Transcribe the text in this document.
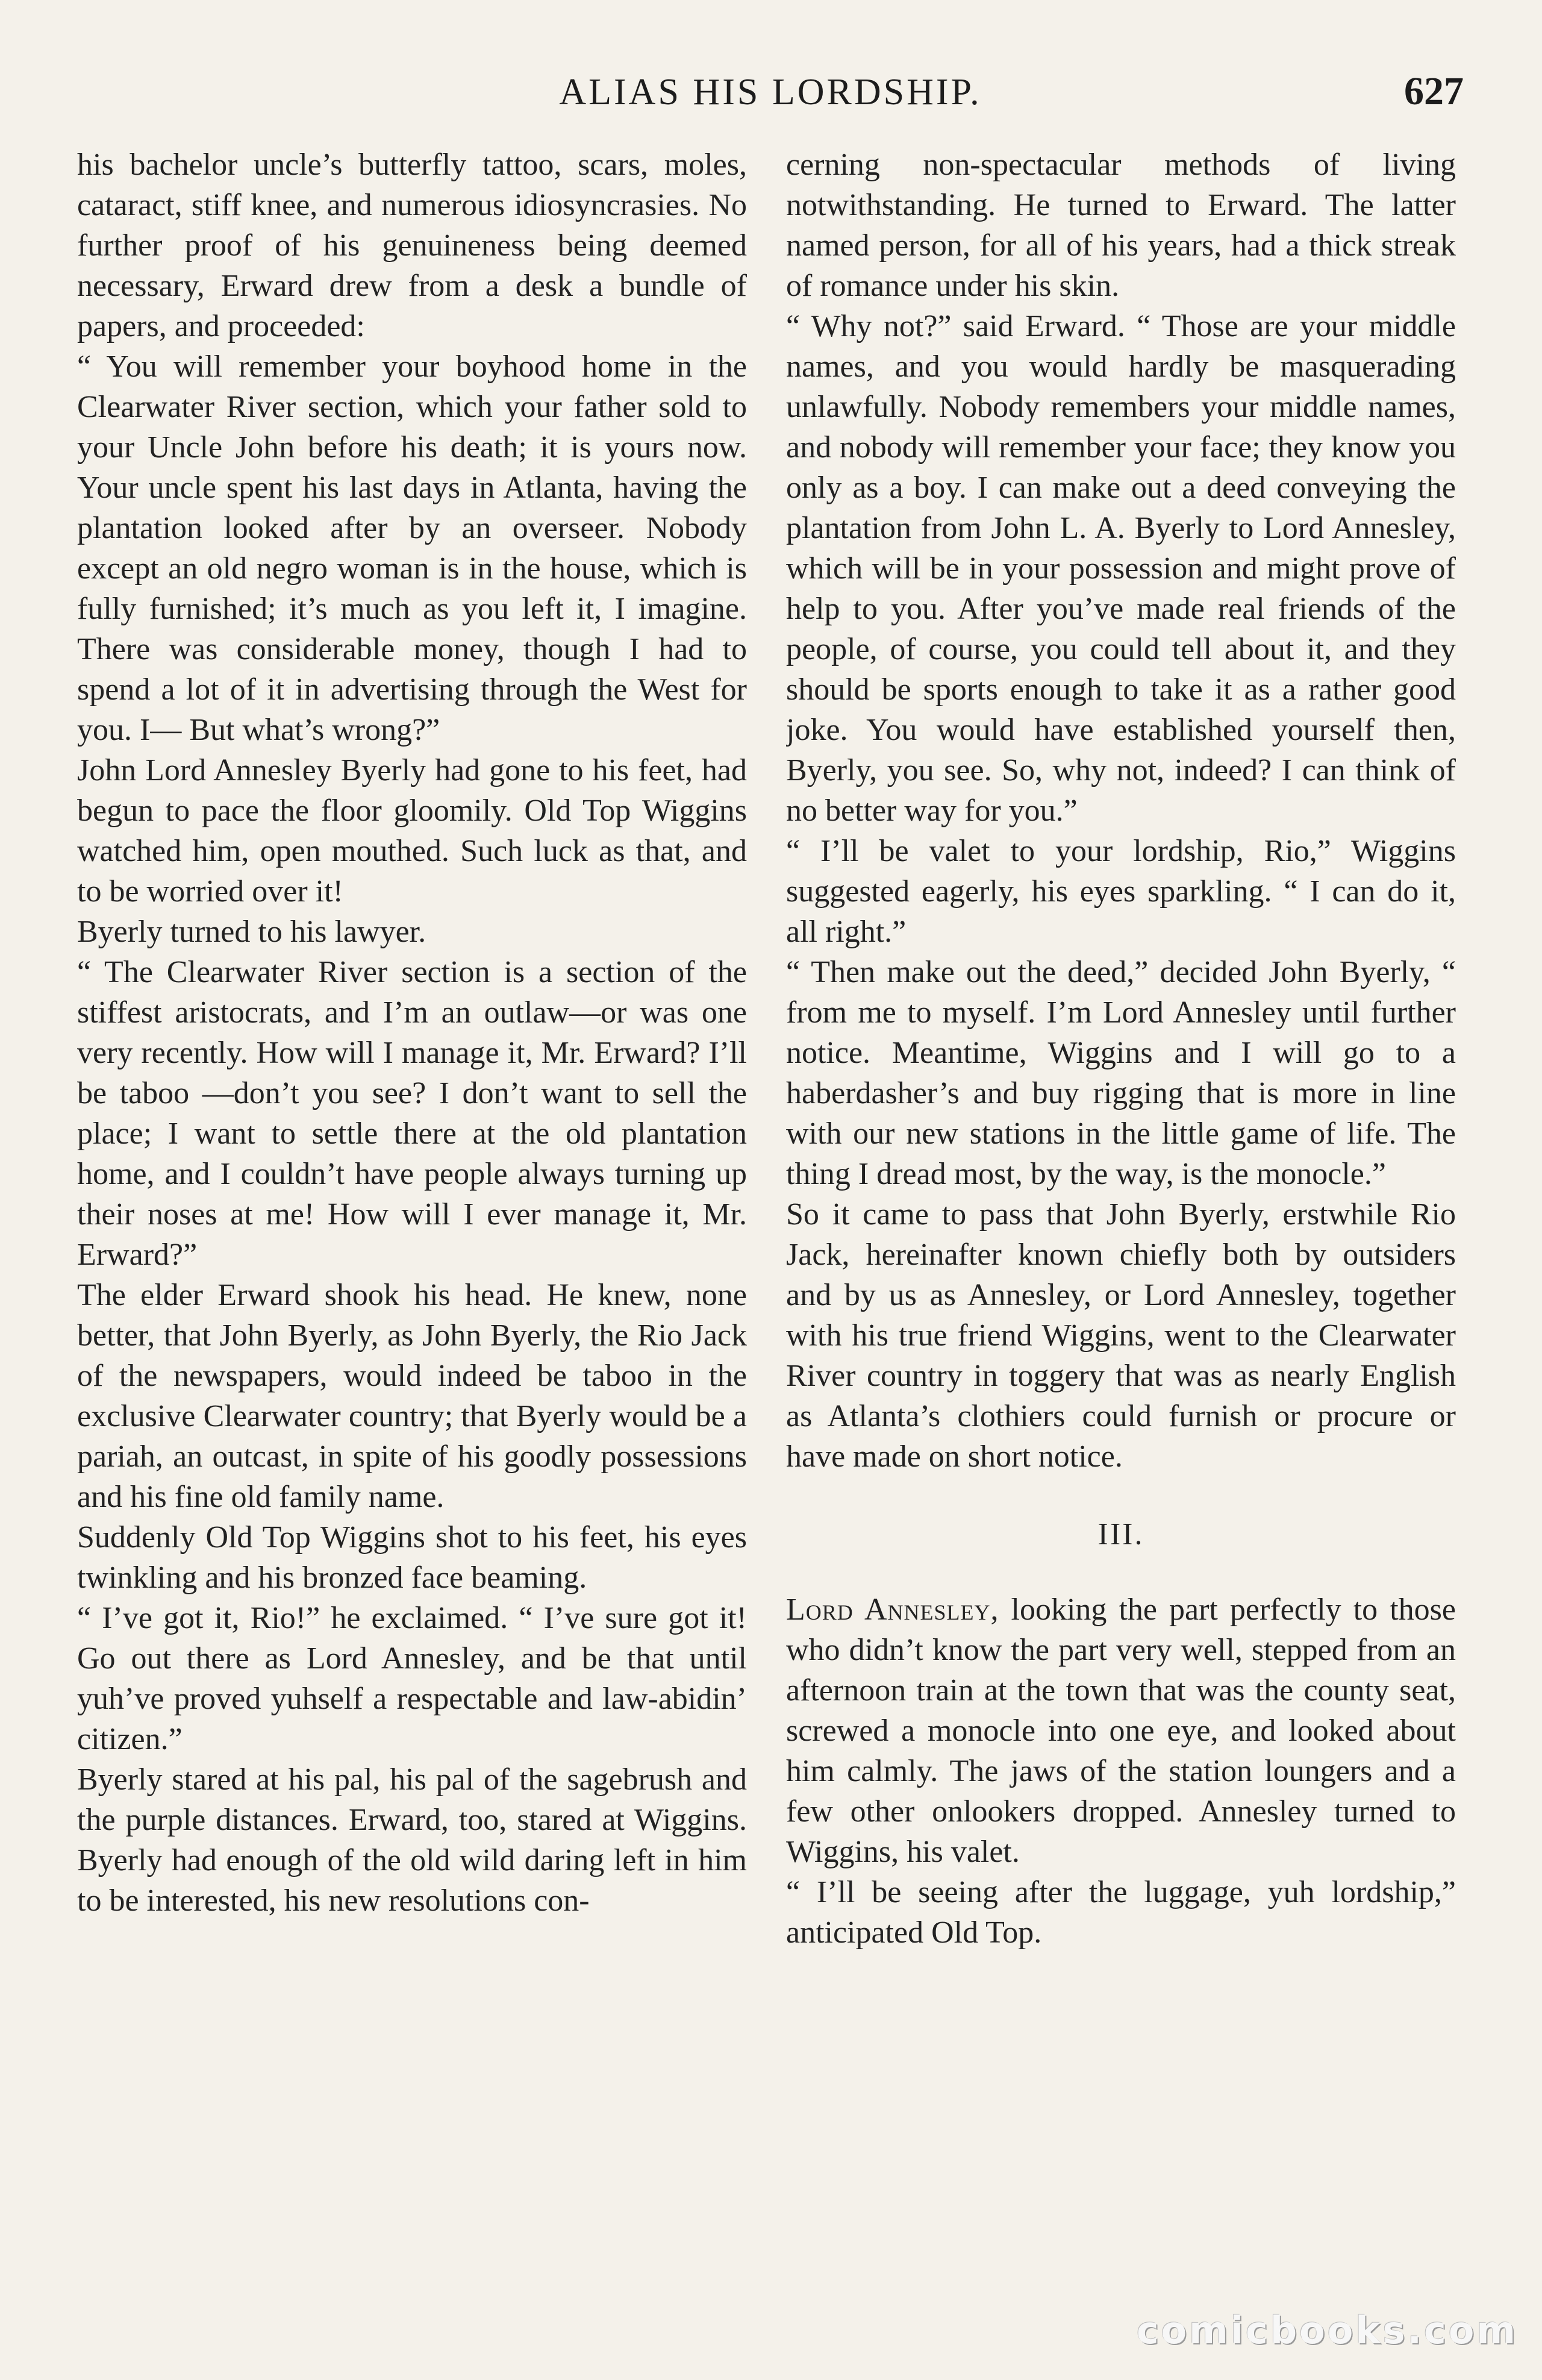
ALIAS HIS LORDSHIP.	627

his bachelor uncle’s butterfly tattoo, scars, moles, cataract, stiff knee, and numerous idiosyncrasies. No further proof of his genuineness being deemed necessary, Erward drew from a desk a bundle of papers, and proceeded:

“ You will remember your boyhood home in the Clearwater River section, which your father sold to your Uncle John before his death; it is yours now. Your uncle spent his last days in Atlanta, having the plantation looked after by an overseer. Nobody except an old negro woman is in the house, which is fully furnished; it’s much as you left it, I imagine. There was considerable money, though I had to spend a lot of it in advertising through the West for you. I— But what’s wrong?”

John Lord Annesley Byerly had gone to his feet, had begun to pace the floor gloomily. Old Top Wiggins watched him, open mouthed. Such luck as that, and to be worried over it!

Byerly turned to his lawyer.

“ The Clearwater River section is a section of the stiffest aristocrats, and I’m an outlaw—or was one very recently. How will I manage it, Mr. Erward? I’ll be taboo —don’t you see? I don’t want to sell the place; I want to settle there at the old plantation home, and I couldn’t have people always turning up their noses at me! How will I ever manage it, Mr. Erward?”

The elder Erward shook his head. He knew, none better, that John Byerly, as John Byerly, the Rio Jack of the newspapers, would indeed be taboo in the exclusive Clearwater country; that Byerly would be a pariah, an outcast, in spite of his goodly possessions and his fine old family name.

Suddenly Old Top Wiggins shot to his feet, his eyes twinkling and his bronzed face beaming.

“ I’ve got it, Rio!” he exclaimed. “ I’ve sure got it! Go out there as Lord Annesley, and be that until yuh’ve proved yuhself a respectable and law-abidin’ citizen.”

Byerly stared at his pal, his pal of the sagebrush and the purple distances. Erward, too, stared at Wiggins. Byerly had enough of the old wild daring left in him to be interested, his new resolutions con-

cerning non-spectacular methods of living notwithstanding. He turned to Erward. The latter named person, for all of his years, had a thick streak of romance under his skin.

“ Why not?” said Erward. “ Those are your middle names, and you would hardly be masquerading unlawfully. Nobody remembers your middle names, and nobody will remember your face; they know you only as a boy. I can make out a deed conveying the plantation from John L. A. Byerly to Lord Annesley, which will be in your possession and might prove of help to you. After you’ve made real friends of the people, of course, you could tell about it, and they should be sports enough to take it as a rather good joke. You would have established yourself then, Byerly, you see. So, why not, indeed? I can think of no better way for you.”

“ I’ll be valet to your lordship, Rio,” Wiggins suggested eagerly, his eyes sparkling. “ I can do it, all right.”

“ Then make out the deed,” decided John Byerly, “ from me to myself. I’m Lord Annesley until further notice. Meantime, Wiggins and I will go to a haberdasher’s and buy rigging that is more in line with our new stations in the little game of life. The thing I dread most, by the way, is the monocle.”

So it came to pass that John Byerly, erstwhile Rio Jack, hereinafter known chiefly both by outsiders and by us as Annesley, or Lord Annesley, together with his true friend Wiggins, went to the Clearwater River country in toggery that was as nearly English as Atlanta’s clothiers could furnish or procure or have made on short notice.

III.

Lord Annesley, looking the part perfectly to those who didn’t know the part very well, stepped from an afternoon train at the town that was the county seat, screwed a monocle into one eye, and looked about him calmly. The jaws of the station loungers and a few other onlookers dropped. Annesley turned to Wiggins, his valet.

“ I’ll be seeing after the luggage, yuh lordship,” anticipated Old Top.

comicbooks.com
